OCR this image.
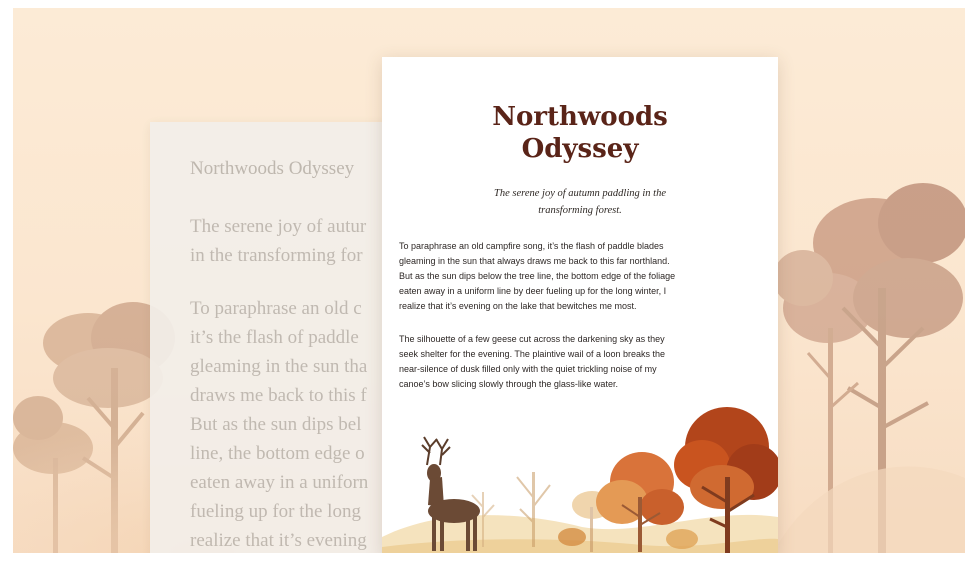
Northwoods Odyssey
The serene joy of autur
in the transforming for
To paraphrase an old c
it’s the flash of paddle
gleaming in the sun tha
draws me back to this f
But as the sun dips bel
line, the bottom edge o
eaten away in a uniforn
fueling up for the long
realize that it’s evening
Northwoods
Odyssey
The serene joy of autumn paddling in the
transforming forest.
To paraphrase an old campfire song, it’s the flash of paddle blades
gleaming in the sun that always draws me back to this far northland.
But as the sun dips below the tree line, the bottom edge of the foliage
eaten away in a uniform line by deer fueling up for the long winter, I
realize that it’s evening on the lake that bewitches me most.
The silhouette of a few geese cut across the darkening sky as they
seek shelter for the evening. The plaintive wail of a loon breaks the
near-silence of dusk filled only with the quiet trickling noise of my
canoe’s bow slicing slowly through the glass-like water.
